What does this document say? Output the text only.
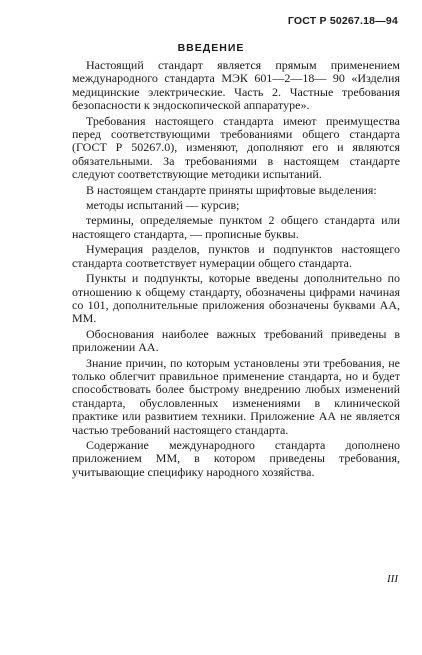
ГОСТ Р 50267.18—94
ВВЕДЕНИЕ

Настоящий стандарт является прямым применением международного стандарта МЭК 601—2—18— 90 «Изделия медицинские электрические. Часть 2. Частные требования безопасности к эндоскопической аппаратуре».

Требования настоящего стандарта имеют преимущества перед соответствующими требованиями общего стандарта (ГОСТ Р 50267.0), изменяют, дополняют его и являются обязательными. За требованиями в настоящем стандарте следуют соответствующие методики испытаний.

В настоящем стандарте приняты шрифтовые выделения:

методы испытаний — курсив;

термины, определяемые пунктом 2 общего стандарта или настоящего стандарта, — прописные буквы.

Нумерация разделов, пунктов и подпунктов настоящего стандарта соответствует нумерации общего стандарта.

Пункты и подпункты, которые введены дополнительно по отношению к общему стандарту, обозначены цифрами начиная со 101, дополнительные приложения обозначены буквами АА, ММ.

Обоснования наиболее важных требований приведены в приложении АА.

Знание причин, по которым установлены эти требования, не только облегчит правильное применение стандарта, но и будет способствовать более быстрому внедрению любых изменений стандарта, обусловленных изменениями в клинической практике или развитием техники. Приложение АА не является частью требований настоящего стандарта.

Содержание международного стандарта дополнено приложением ММ, в котором приведены требования, учитывающие специфику народного хозяйства.

III
